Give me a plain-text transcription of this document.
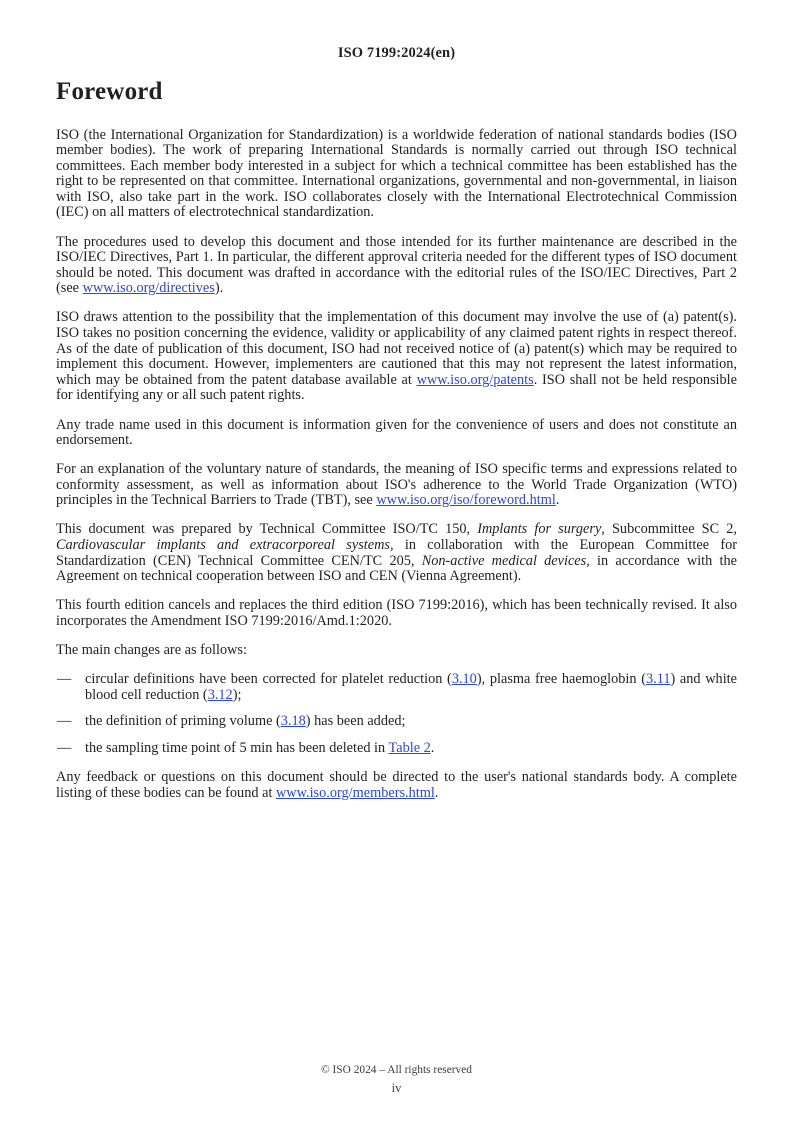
ISO 7199:2024(en)
Foreword

ISO (the International Organization for Standardization) is a worldwide federation of national standards bodies (ISO member bodies). The work of preparing International Standards is normally carried out through ISO technical committees. Each member body interested in a subject for which a technical committee has been established has the right to be represented on that committee. International organizations, governmental and non-governmental, in liaison with ISO, also take part in the work. ISO collaborates closely with the International Electrotechnical Commission (IEC) on all matters of electrotechnical standardization.

The procedures used to develop this document and those intended for its further maintenance are described in the ISO/IEC Directives, Part 1. In particular, the different approval criteria needed for the different types of ISO document should be noted. This document was drafted in accordance with the editorial rules of the ISO/IEC Directives, Part 2 (see www.iso.org/directives).

ISO draws attention to the possibility that the implementation of this document may involve the use of (a) patent(s). ISO takes no position concerning the evidence, validity or applicability of any claimed patent rights in respect thereof. As of the date of publication of this document, ISO had not received notice of (a) patent(s) which may be required to implement this document. However, implementers are cautioned that this may not represent the latest information, which may be obtained from the patent database available at www.iso.org/patents. ISO shall not be held responsible for identifying any or all such patent rights.

Any trade name used in this document is information given for the convenience of users and does not constitute an endorsement.

For an explanation of the voluntary nature of standards, the meaning of ISO specific terms and expressions related to conformity assessment, as well as information about ISO's adherence to the World Trade Organization (WTO) principles in the Technical Barriers to Trade (TBT), see www.iso.org/iso/foreword.html.

This document was prepared by Technical Committee ISO/TC 150, Implants for surgery, Subcommittee SC 2, Cardiovascular implants and extracorporeal systems, in collaboration with the European Committee for Standardization (CEN) Technical Committee CEN/TC 205, Non-active medical devices, in accordance with the Agreement on technical cooperation between ISO and CEN (Vienna Agreement).

This fourth edition cancels and replaces the third edition (ISO 7199:2016), which has been technically revised. It also incorporates the Amendment ISO 7199:2016/Amd.1:2020.

The main changes are as follows:

— circular definitions have been corrected for platelet reduction (3.10), plasma free haemoglobin (3.11) and white blood cell reduction (3.12);
— the definition of priming volume (3.18) has been added;
— the sampling time point of 5 min has been deleted in Table 2.

Any feedback or questions on this document should be directed to the user's national standards body. A complete listing of these bodies can be found at www.iso.org/members.html.

© ISO 2024 – All rights reserved
iv
